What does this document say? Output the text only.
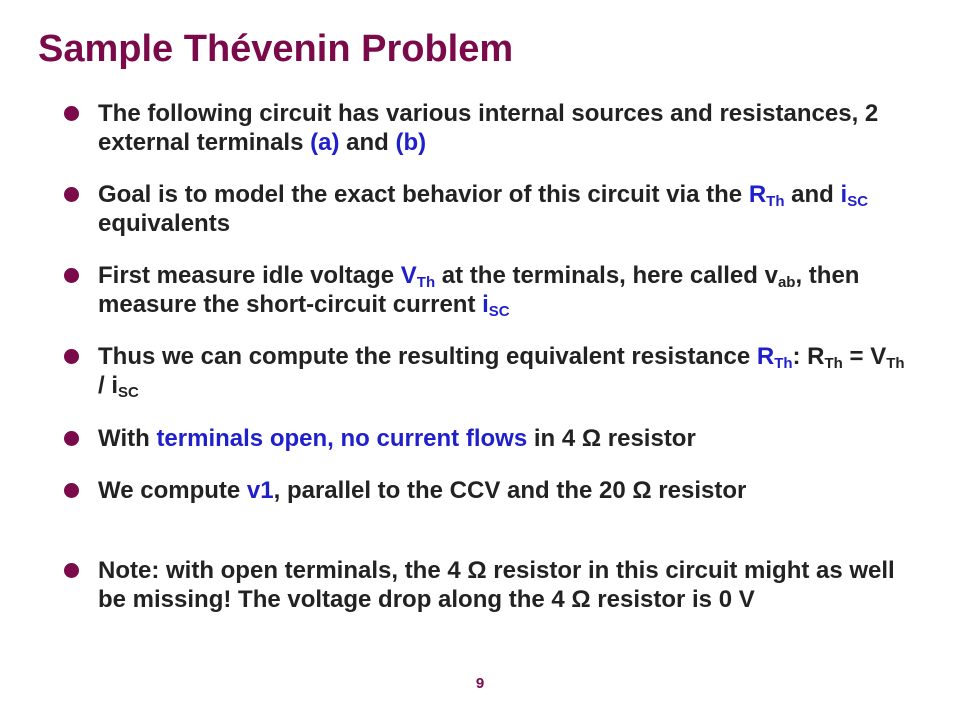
Sample Thévenin Problem
The following circuit has various internal sources and resistances, 2 external terminals (a) and (b)
Goal is to model the exact behavior of this circuit via the $R_{Th}$ and $i_{SC}$ equivalents
First measure idle voltage $V_{Th}$ at the terminals, here called $v_{ab}$, then measure the short-circuit current $i_{SC}$
Thus we can compute the resulting equivalent resistance $R_{Th}$: $R_{Th} = V_{Th} / i_{SC}$
With terminals open, no current flows in 4 Ω resistor
We compute v1, parallel to the CCV and the 20 Ω resistor
Note: with open terminals, the 4 Ω resistor in this circuit might as well be missing! The voltage drop along the 4 Ω resistor is 0 V
9
